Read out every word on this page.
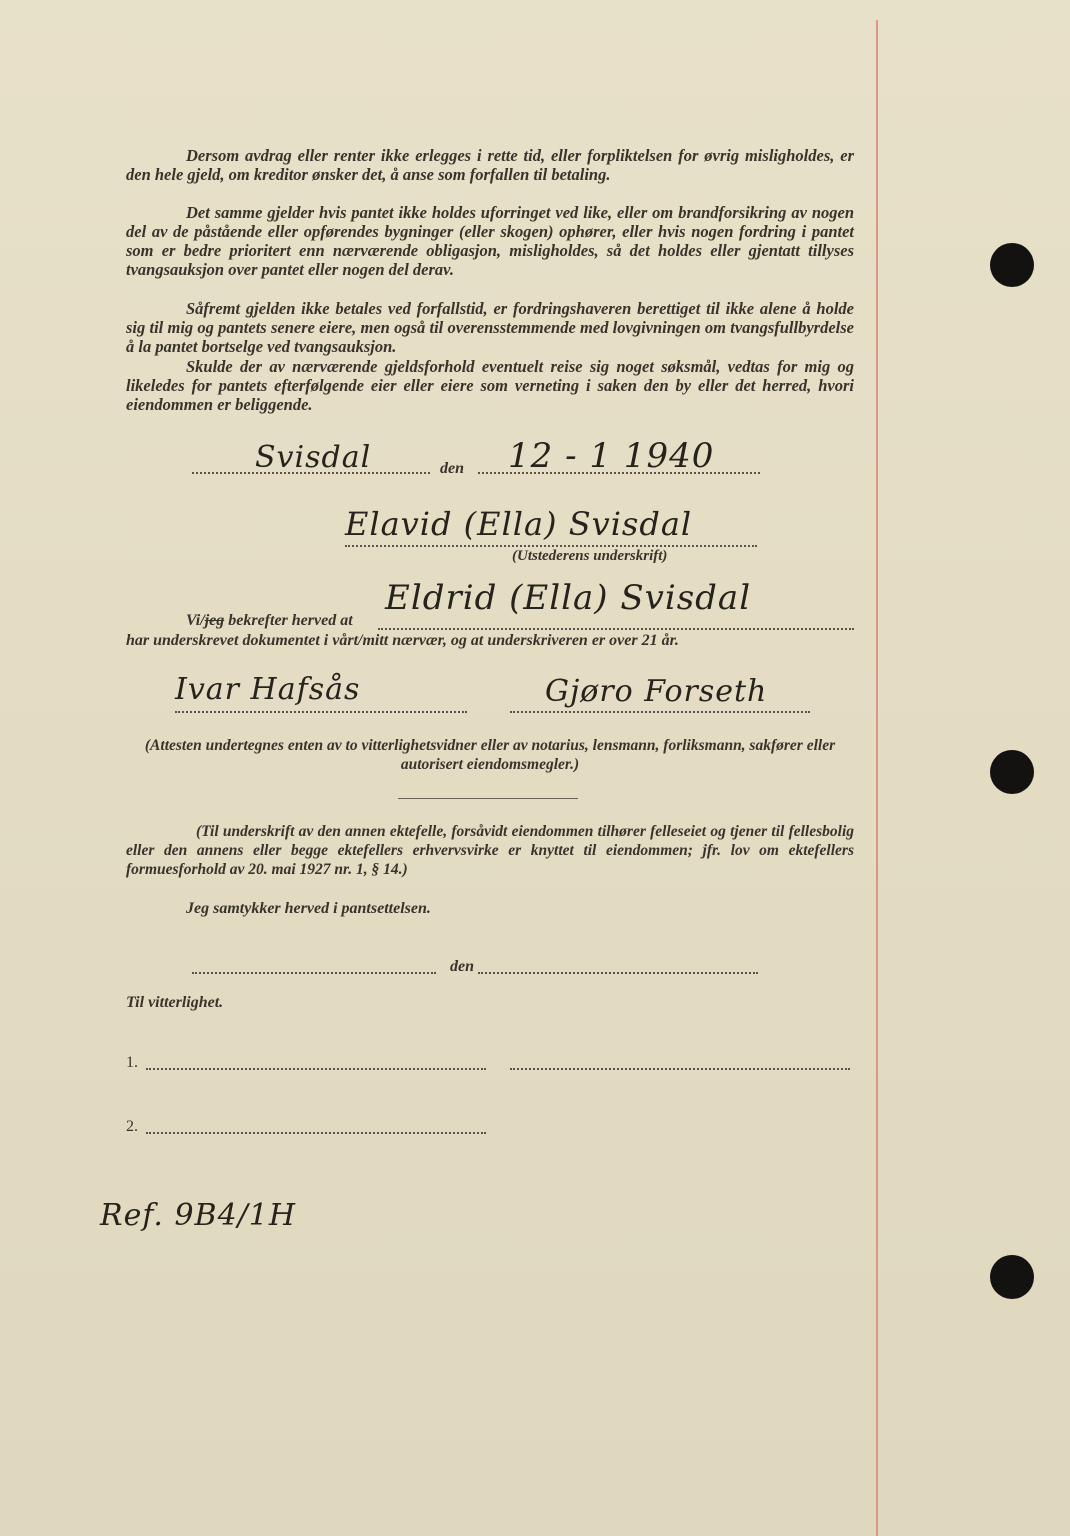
Dersom avdrag eller renter ikke erlegges i rette tid, eller forpliktelsen for øvrig misligholdes, er den hele gjeld, om kreditor ønsker det, å anse som forfallen til betaling.

Det samme gjelder hvis pantet ikke holdes uforringet ved like, eller om brandforsikring av nogen del av de påstående eller opførendes bygninger (eller skogen) ophører, eller hvis nogen fordring i pantet som er bedre prioritert enn nærværende obligasjon, misligholdes, så det holdes eller gjentatt tillyses tvangsauksjon over pantet eller nogen del derav.

Såfremt gjelden ikke betales ved forfallstid, er fordringshaveren berettiget til ikke alene å holde sig til mig og pantets senere eiere, men også til overensstemmende med lovgivningen om tvangsfullbyrdelse å la pantet bortselge ved tvangsauksjon.

Skulde der av nærværende gjeldsforhold eventuelt reise sig noget søksmål, vedtas for mig og likeledes for pantets efterfølgende eier eller eiere som verneting i saken den by eller det herred, hvori eiendommen er beliggende.

Svisdal	den 12 - 1 1940
Elavid (Ella) Svisdal
(Utstederens underskrift)
Vi/jeg bekrefter herved at
Eldrid (Ella) Svisdal
har underskrevet dokumentet i vårt/mitt nærvær, og at underskriveren er over 21 år.
Ivar Hafsås	Gjøro Forseth
(Attesten undertegnes enten av to vitterlighetsvidner eller av notarius, lensmann, forliksmann, sakfører eller autorisert eiendomsmegler.)

(Til underskrift av den annen ektefelle, forsåvidt eiendommen tilhører felleseiet og tjener til fellesbolig eller den annens eller begge ektefellers erhvervsvirke er knyttet til eiendommen; jfr. lov om ektefellers formuesforhold av 20. mai 1927 nr. 1, § 14.)

Jeg samtykker herved i pantsettelsen.
den
Til vitterlighet.
1.
2.
Ref. 9B4/1H
